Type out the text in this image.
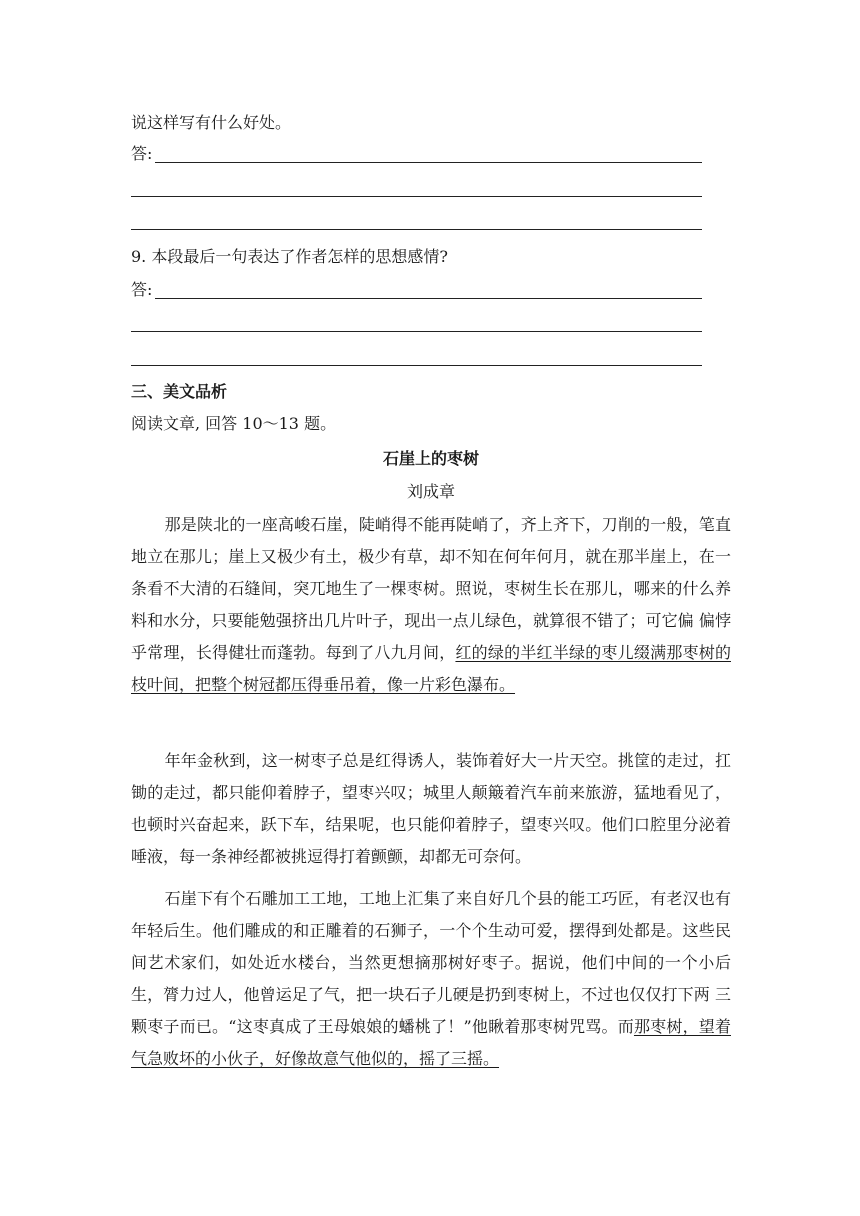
说这样写有什么好处。
答:
9. 本段最后一句表达了作者怎样的思想感情?
答:
三、美文品析
阅读文章, 回答 10～13 题。
石崖上的枣树
刘成章
那是陕北的一座高峻石崖，陡峭得不能再陡峭了，齐上齐下，刀削的一般，笔直地立在那儿；崖上又极少有土，极少有草，却不知在何年何月，就在那半崖上，在一 条看不大清的石缝间，突兀地生了一棵枣树。照说，枣树生长在那儿，哪来的什么养料和水分，只要能勉强挤出几片叶子，现出一点儿绿色，就算很不错了；可它偏 偏悖乎常理，长得健壮而蓬勃。每到了八九月间，红的绿的半红半绿的枣儿缀满那枣树的枝叶间，把整个树冠都压得垂吊着，像一片彩色瀑布。
年年金秋到，这一树枣子总是红得诱人，装饰着好大一片天空。挑筐的走过，扛锄的走过，都只能仰着脖子，望枣兴叹；城里人颠簸着汽车前来旅游，猛地看见了， 也顿时兴奋起来，跃下车，结果呢，也只能仰着脖子，望枣兴叹。他们口腔里分泌着唾液，每一条神经都被挑逗得打着颤颤，却都无可奈何。
石崖下有个石雕加工工地，工地上汇集了来自好几个县的能工巧匠，有老汉也有年轻后生。他们雕成的和正雕着的石狮子，一个个生动可爱，摆得到处都是。这些民 间艺术家们，如处近水楼台，当然更想摘那树好枣子。据说，他们中间的一个小后生，膂力过人，他曾运足了气，把一块石子儿硬是扔到枣树上，不过也仅仅打下两 三颗枣子而已。“这枣真成了王母娘娘的蟠桃了！”他瞅着那枣树咒骂。而那枣树，望着气急败坏的小伙子，好像故意气他似的，摇了三摇。
